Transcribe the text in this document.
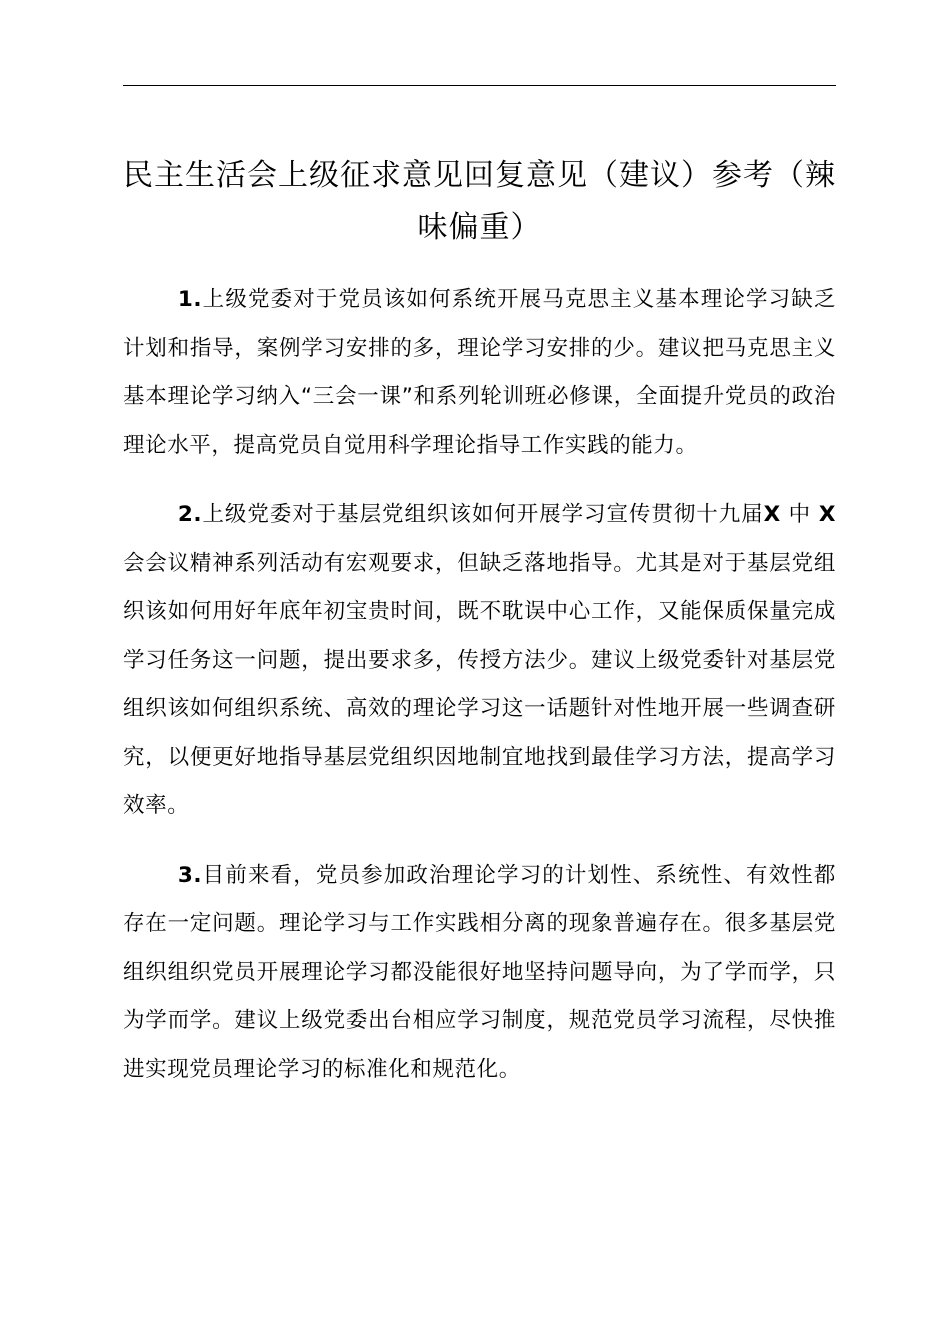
民主生活会上级征求意见回复意见（建议）参考（辣味偏重）

1.上级党委对于党员该如何系统开展马克思主义基本理论学习缺乏计划和指导，案例学习安排的多，理论学习安排的少。建议把马克思主义基本理论学习纳入“三会一课”和系列轮训班必修课，全面提升党员的政治理论水平，提高党员自觉用科学理论指导工作实践的能力。

2.上级党委对于基层党组织该如何开展学习宣传贯彻十九届X 中 X 会会议精神系列活动有宏观要求，但缺乏落地指导。尤其是对于基层党组织该如何用好年底年初宝贵时间，既不耽误中心工作，又能保质保量完成学习任务这一问题，提出要求多，传授方法少。建议上级党委针对基层党组织该如何组织系统、高效的理论学习这一话题针对性地开展一些调查研究，以便更好地指导基层党组织因地制宜地找到最佳学习方法，提高学习效率。

3.目前来看，党员参加政治理论学习的计划性、系统性、有效性都存在一定问题。理论学习与工作实践相分离的现象普遍存在。很多基层党组织组织党员开展理论学习都没能很好地坚持问题导向，为了学而学，只为学而学。建议上级党委出台相应学习制度，规范党员学习流程，尽快推进实现党员理论学习的标准化和规范化。
